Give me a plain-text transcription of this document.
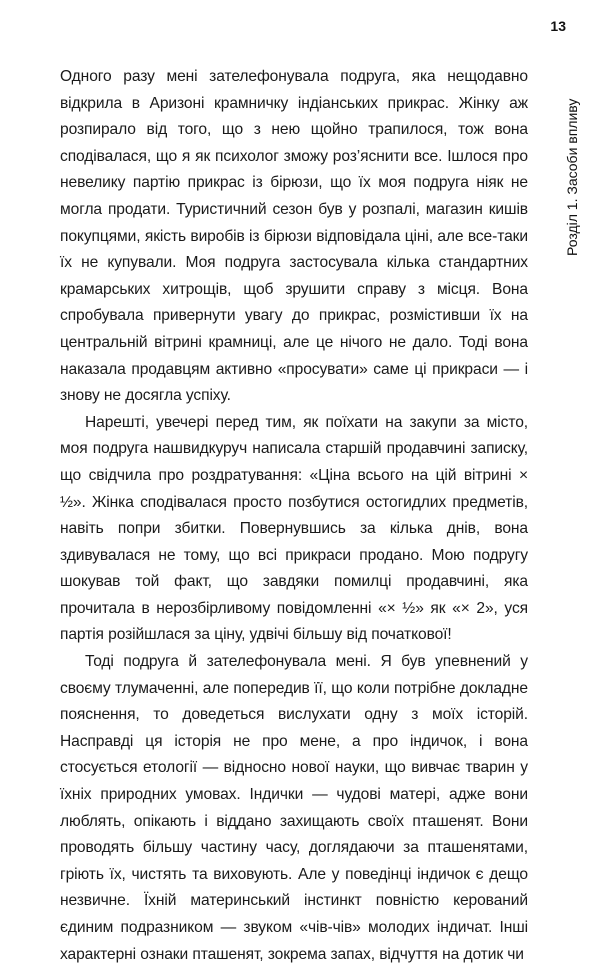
13
Розділ 1. Засоби впливу

Одного разу мені зателефонувала подруга, яка нещодавно відкрила в Аризоні крамничку індіанських прикрас. Жінку аж розпирало від того, що з нею щойно трапилося, тож вона сподівалася, що я як психолог зможу роз’яснити все. Ішлося про невелику партію прикрас із бірюзи, що їх моя подруга ніяк не могла продати. Туристичний сезон був у розпалі, магазин кишів покупцями, якість виробів із бірюзи відповідала ціні, але все-таки їх не купували. Моя подруга застосувала кілька стандартних крамарських хитрощів, щоб зрушити справу з місця. Вона спробувала привернути увагу до прикрас, розмістивши їх на центральній вітрині крамниці, але це нічого не дало. Тоді вона наказала продавцям активно «просувати» саме ці прикраси — і знову не досягла успіху.

Нарешті, увечері перед тим, як поїхати на закупи за місто, моя подруга нашвидкуруч написала старшій продавчині записку, що свідчила про роздратування: «Ціна всього на цій вітрині × ½». Жінка сподівалася просто позбутися остогидлих предметів, навіть попри збитки. Повернувшись за кілька днів, вона здивувалася не тому, що всі прикраси продано. Мою подругу шокував той факт, що завдяки помилці продавчині, яка прочитала в нерозбірливому повідомленні «× ½» як «× 2», уся партія розійшлася за ціну, удвічі більшу від початкової!

Тоді подруга й зателефонувала мені. Я був упевнений у своєму тлумаченні, але попередив її, що коли потрібне докладне пояснення, то доведеться вислухати одну з моїх історій. Насправді ця історія не про мене, а про індичок, і вона стосується етології — відносно нової науки, що вивчає тварин у їхніх природних умовах. Індички — чудові матері, адже вони люблять, опікають і віддано захищають своїх пташенят. Вони проводять більшу частину часу, доглядаючи за пташенятами, гріють їх, чистять та виховують. Але у поведінці індичок є дещо незвичне. Їхній материнський інстинкт повністю керований єдиним подразником — звуком «чів-чів» молодих індичат. Інші характерні ознаки пташенят, зокрема запах, відчуття на дотик чи
